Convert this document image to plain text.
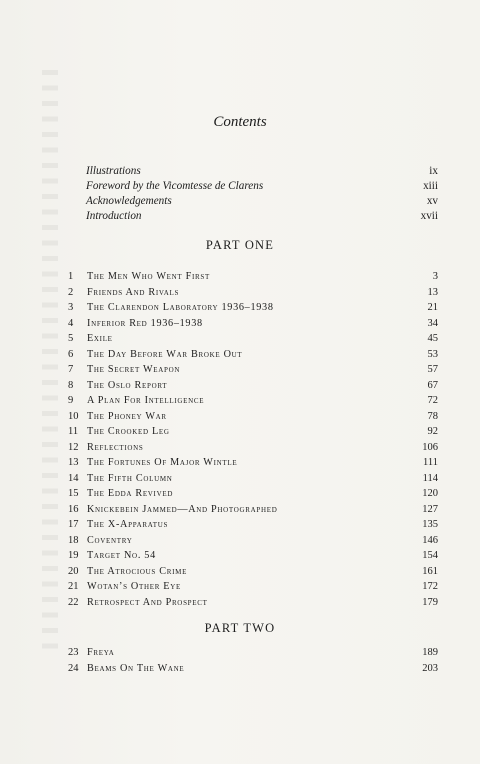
Contents
Illustrations	ix
Foreword by the Vicomtesse de Clarens	xiii
Acknowledgements	xv
Introduction	xvii
PART ONE
1	The Men Who Went First	3
2	Friends And Rivals	13
3	The Clarendon Laboratory 1936–1938	21
4	Inferior Red 1936–1938	34
5	Exile	45
6	The Day Before War Broke Out	53
7	The Secret Weapon	57
8	The Oslo Report	67
9	A Plan For Intelligence	72
10 The Phoney War	78
11 The Crooked Leg	92
12 Reflections	106
13 The Fortunes Of Major Wintle	111
14 The Fifth Column	114
15 The Edda Revived	120
16 Knickebein Jammed—And Photographed	127
17 The X-Apparatus	135
18 Coventry	146
19 Target No. 54	154
20 The Atrocious Crime	161
21 Wotan’s Other Eye	172
22 Retrospect And Prospect	179
PART TWO
23 Freya	189
24 Beams On The Wane	203
